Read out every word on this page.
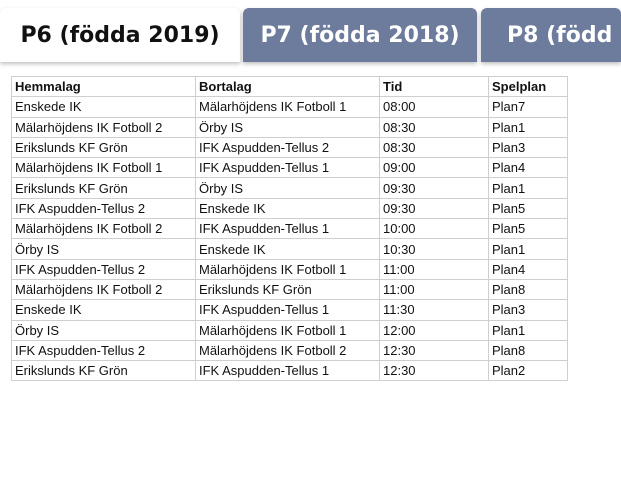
P6 (födda 2019)	P7 (födda 2018)	P8 (född
Hemmalag	Bortalag	Tid	Spelplan
Enskede IK	Mälarhöjdens IK Fotboll 1	08:00	Plan7
Mälarhöjdens IK Fotboll 2	Örby IS	08:30	Plan1
Erikslunds KF Grön	IFK Aspudden-Tellus 2	08:30	Plan3
Mälarhöjdens IK Fotboll 1	IFK Aspudden-Tellus 1	09:00	Plan4
Erikslunds KF Grön	Örby IS	09:30	Plan1
IFK Aspudden-Tellus 2	Enskede IK	09:30	Plan5
Mälarhöjdens IK Fotboll 2	IFK Aspudden-Tellus 1	10:00	Plan5
Örby IS	Enskede IK	10:30	Plan1
IFK Aspudden-Tellus 2	Mälarhöjdens IK Fotboll 1	11:00	Plan4
Mälarhöjdens IK Fotboll 2	Erikslunds KF Grön	11:00	Plan8
Enskede IK	IFK Aspudden-Tellus 1	11:30	Plan3
Örby IS	Mälarhöjdens IK Fotboll 1	12:00	Plan1
IFK Aspudden-Tellus 2	Mälarhöjdens IK Fotboll 2	12:30	Plan8
Erikslunds KF Grön	IFK Aspudden-Tellus 1	12:30	Plan2
